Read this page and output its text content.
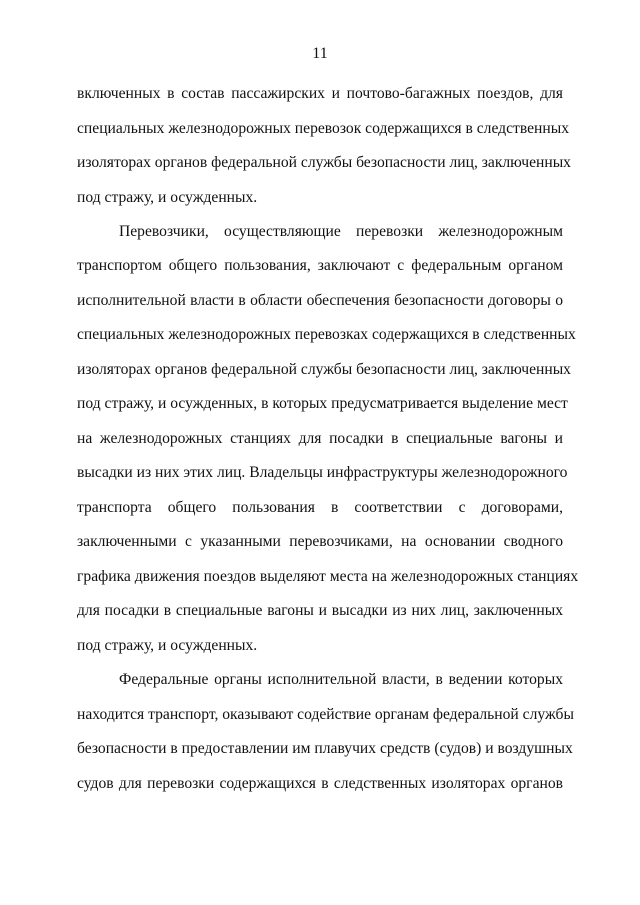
11
включенных в состав пассажирских и почтово-багажных поездов, для
специальных железнодорожных перевозок содержащихся в следственных
изоляторах органов федеральной службы безопасности лиц, заключенных
под стражу, и осужденных.
Перевозчики, осуществляющие перевозки железнодорожным
транспортом общего пользования, заключают с федеральным органом
исполнительной власти в области обеспечения безопасности договоры о
специальных железнодорожных перевозках содержащихся в следственных
изоляторах органов федеральной службы безопасности лиц, заключенных
под стражу, и осужденных, в которых предусматривается выделение мест
на железнодорожных станциях для посадки в специальные вагоны и
высадки из них этих лиц. Владельцы инфраструктуры железнодорожного
транспорта общего пользования в соответствии с договорами,
заключенными с указанными перевозчиками, на основании сводного
графика движения поездов выделяют места на железнодорожных станциях
для посадки в специальные вагоны и высадки из них лиц, заключенных
под стражу, и осужденных.
Федеральные органы исполнительной власти, в ведении которых
находится транспорт, оказывают содействие органам федеральной службы
безопасности в предоставлении им плавучих средств (судов) и воздушных
судов для перевозки содержащихся в следственных изоляторах органов
